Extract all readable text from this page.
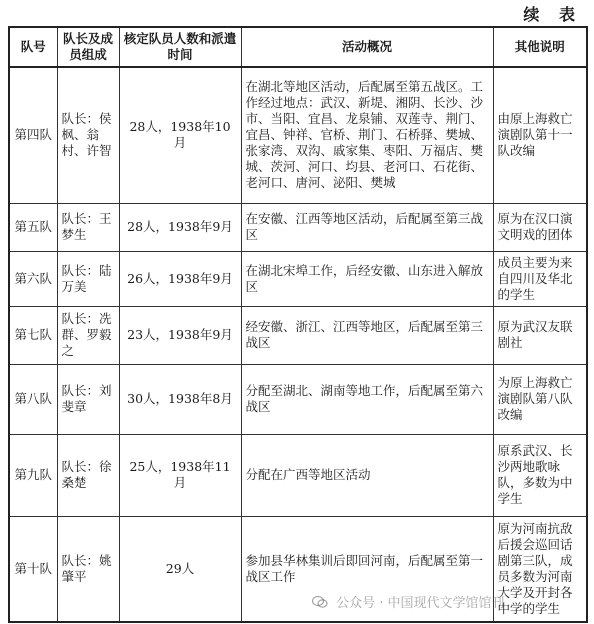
续 表
队号	队长及成员组成	核定队员人数和派遣时间	活动概况	其他说明
第四队	队长：侯枫、翁村、许智	28人，1938年10月	在湖北等地区活动，后配属至第五战区。工作经过地点：武汉、新堤、湘阴、长沙、沙市、当阳、宜昌、龙泉铺、双莲寺、荆门、宜昌、钟祥、官桥、荆门、石桥驿、樊城、张家湾、双沟、戚家集、枣阳、万福店、樊城、茨河、河口、均县、老河口、石花街、老河口、唐河、泌阳、樊城	由原上海救亡演剧队第十一队改编
第五队	队长：王梦生	28人，1938年9月	在安徽、江西等地区活动，后配属至第三战区	原为在汉口演文明戏的团体
第六队	队长：陆万美	26人，1938年9月	在湖北宋埠工作，后经安徽、山东进入解放区	成员主要为来自四川及华北的学生
第七队	队长：冼群、罗毅之	23人，1938年9月	经安徽、浙江、江西等地区，后配属至第三战区	原为武汉友联剧社
第八队	队长：刘斐章	30人，1938年8月	分配至湖北、湖南等地工作，后配属至第六战区	为原上海救亡演剧队第八队改编
第九队	队长：徐桑楚	25人，1938年11月	分配在广西等地区活动	原系武汉、长沙两地歌咏队，多数为中学生
第十队	队长：姚肇平	29人	参加县华林集训后即回河南，后配属至第一战区工作	原为河南抗敌后援会巡回话剧第三队，成员多数为河南大学及开封各中学的学生
公众号 · 中国现代文学馆馆刊
